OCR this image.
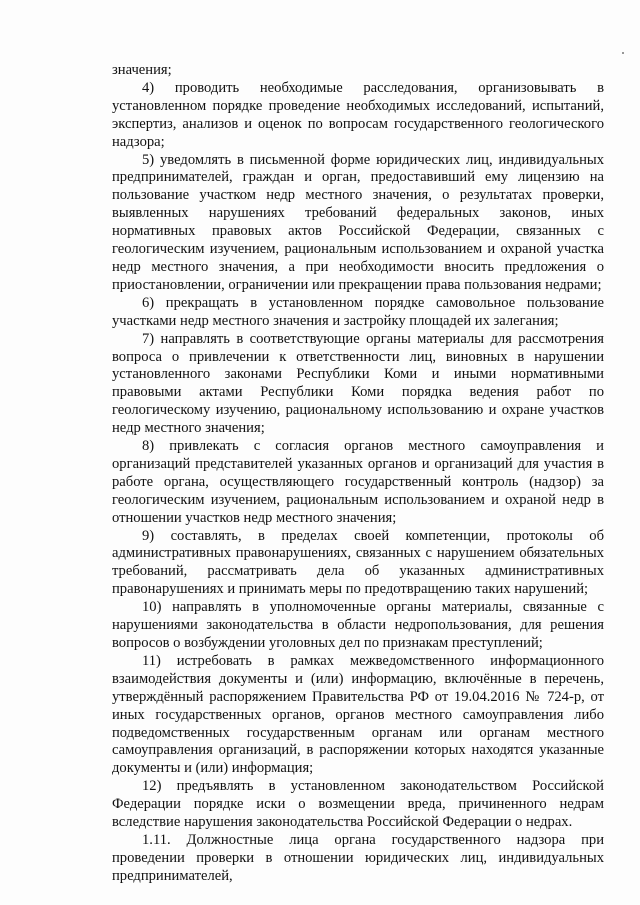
значения;

4) проводить необходимые расследования, организовывать в установленном порядке проведение необходимых исследований, испытаний, экспертиз, анализов и оценок по вопросам государственного геологического надзора;

5) уведомлять в письменной форме юридических лиц, индивидуальных предпринимателей, граждан и орган, предоставивший ему лицензию на пользование участком недр местного значения, о результатах проверки, выявленных нарушениях требований федеральных законов, иных нормативных правовых актов Российской Федерации, связанных с геологическим изучением, рациональным использованием и охраной участка недр местного значения, а при необходимости вносить предложения о приостановлении, ограничении или прекращении права пользования недрами;

6) прекращать в установленном порядке самовольное пользование участками недр местного значения и застройку площадей их залегания;

7) направлять в соответствующие органы материалы для рассмотрения вопроса о привлечении к ответственности лиц, виновных в нарушении установленного законами Республики Коми и иными нормативными правовыми актами Республики Коми порядка ведения работ по геологическому изучению, рациональному использованию и охране участков недр местного значения;

8) привлекать с согласия органов местного самоуправления и организаций представителей указанных органов и организаций для участия в работе органа, осуществляющего государственный контроль (надзор) за геологическим изучением, рациональным использованием и охраной недр в отношении участков недр местного значения;

9) составлять, в пределах своей компетенции, протоколы об административных правонарушениях, связанных с нарушением обязательных требований, рассматривать дела об указанных административных правонарушениях и принимать меры по предотвращению таких нарушений;

10) направлять в уполномоченные органы материалы, связанные с нарушениями законодательства в области недропользования, для решения вопросов о возбуждении уголовных дел по признакам преступлений;

11) истребовать в рамках межведомственного информационного взаимодействия документы и (или) информацию, включённые в перечень, утверждённый распоряжением Правительства РФ от 19.04.2016 № 724-р, от иных государственных органов, органов местного самоуправления либо подведомственных государственным органам или органам местного самоуправления организаций, в распоряжении которых находятся указанные документы и (или) информация;

12) предъявлять в установленном законодательством Российской Федерации порядке иски о возмещении вреда, причиненного недрам вследствие нарушения законодательства Российской Федерации о недрах.

1.11. Должностные лица органа государственного надзора при проведении проверки в отношении юридических лиц, индивидуальных предпринимателей,
